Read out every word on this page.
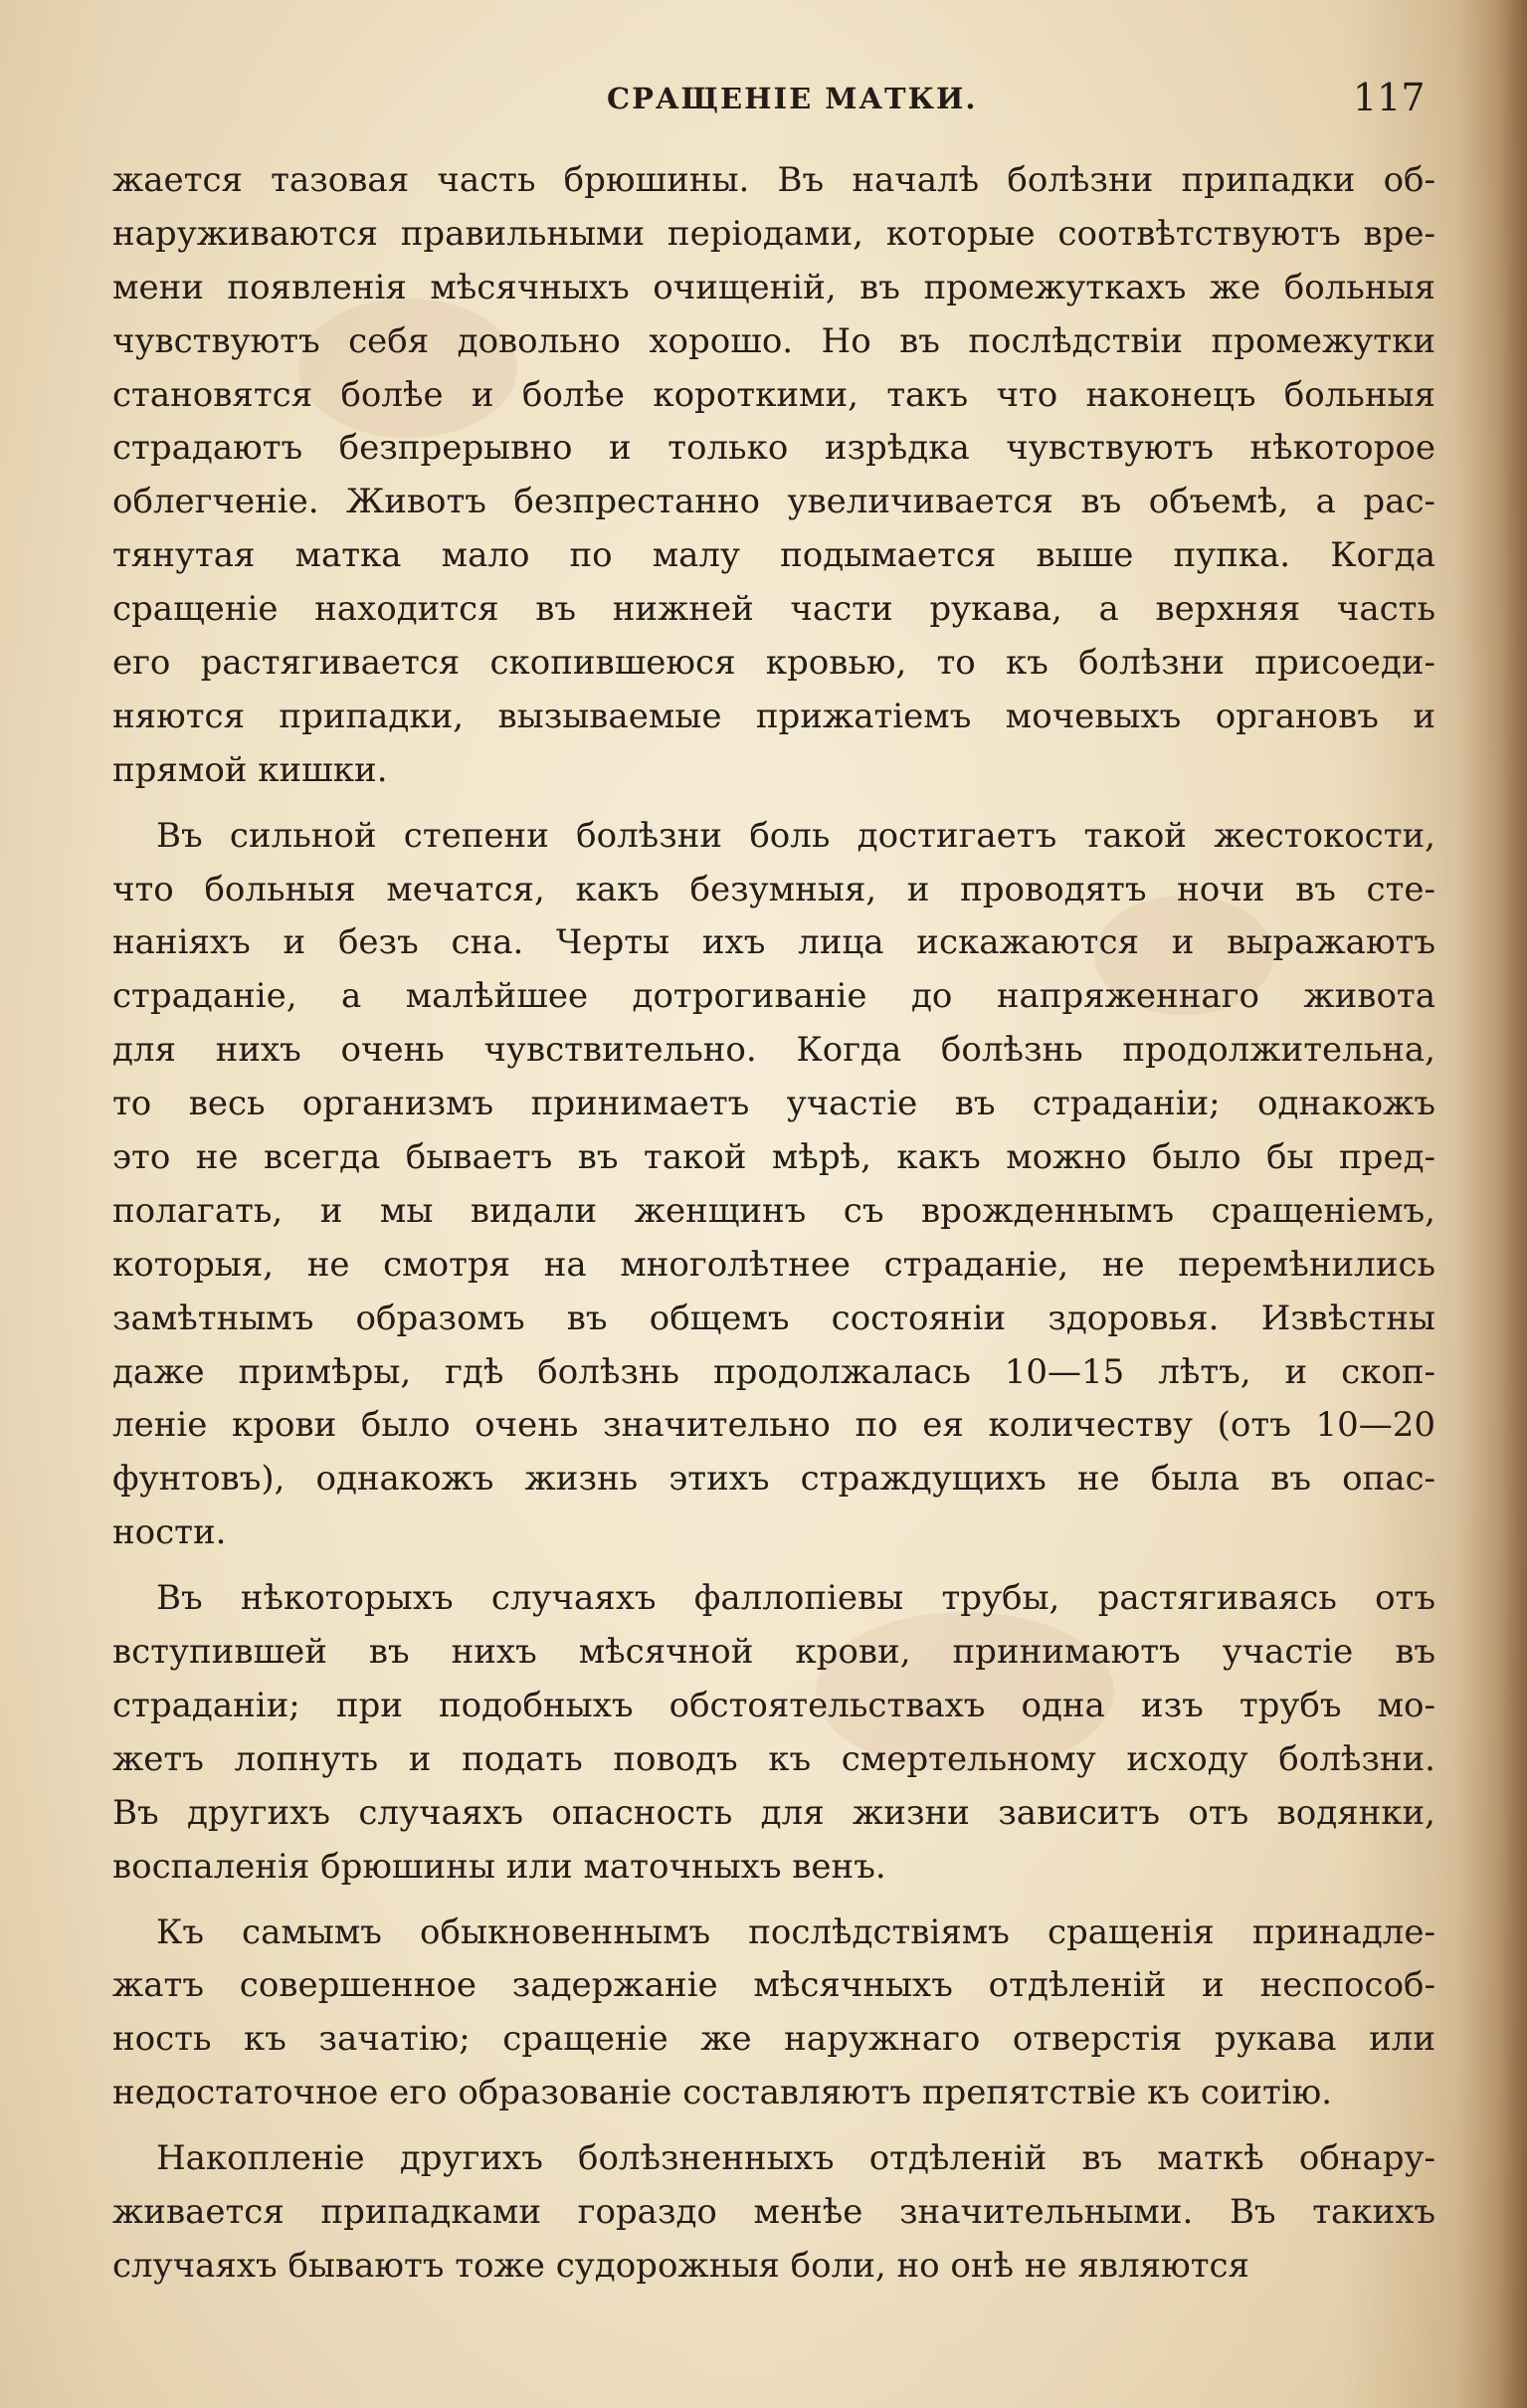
СРАЩЕНІЕ МАТКИ.	117
жается тазовая часть брюшины. Въ началѣ болѣзни припадки об-
наруживаются правильными періодами, которые соотвѣтствуютъ вре-
мени появленія мѣсячныхъ очищеній, въ промежуткахъ же больныя
чувствуютъ себя довольно хорошо. Но въ послѣдствіи промежутки
становятся болѣе и болѣе короткими, такъ что наконецъ больныя
страдаютъ безпрерывно и только изрѣдка чувствуютъ нѣкоторое
облегченіе. Животъ безпрестанно увеличивается въ объемѣ, а рас-
тянутая матка мало по малу подымается выше пупка. Когда
сращеніе находится въ нижней части рукава, а верхняя часть
его растягивается скопившеюся кровью, то къ болѣзни присоеди-
няются припадки, вызываемые прижатіемъ мочевыхъ органовъ и
прямой кишки.
Въ сильной степени болѣзни боль достигаетъ такой жестокости,
что больныя мечатся, какъ безумныя, и проводятъ ночи въ сте-
наніяхъ и безъ сна. Черты ихъ лица искажаются и выражаютъ
страданіе, а малѣйшее дотрогиваніе до напряженнаго живота
для нихъ очень чувствительно. Когда болѣзнь продолжительна,
то весь организмъ принимаетъ участіе въ страданіи; однакожъ
это не всегда бываетъ въ такой мѣрѣ, какъ можно было бы пред-
полагать, и мы видали женщинъ съ врожденнымъ сращеніемъ,
которыя, не смотря на многолѣтнее страданіе, не перемѣнились
замѣтнымъ образомъ въ общемъ состояніи здоровья. Извѣстны
даже примѣры, гдѣ болѣзнь продолжалась 10—15 лѣтъ, и скоп-
леніе крови было очень значительно по ея количеству (отъ 10—20
фунтовъ), однакожъ жизнь этихъ страждущихъ не была въ опас-
ности.
Въ нѣкоторыхъ случаяхъ фаллопіевы трубы, растягиваясь отъ
вступившей въ нихъ мѣсячной крови, принимаютъ участіе въ
страданіи; при подобныхъ обстоятельствахъ одна изъ трубъ мо-
жетъ лопнуть и подать поводъ къ смертельному исходу болѣзни.
Въ другихъ случаяхъ опасность для жизни зависитъ отъ водянки,
воспаленія брюшины или маточныхъ венъ.
Къ самымъ обыкновеннымъ послѣдствіямъ сращенія принадле-
жатъ совершенное задержаніе мѣсячныхъ отдѣленій и неспособ-
ность къ зачатію; сращеніе же наружнаго отверстія рукава или
недостаточное его образованіе составляютъ препятствіе къ соитію.
Накопленіе другихъ болѣзненныхъ отдѣленій въ маткѣ обнару-
живается припадками гораздо менѣе значительными. Въ такихъ
случаяхъ бываютъ тоже судорожныя боли, но онѣ не являются
